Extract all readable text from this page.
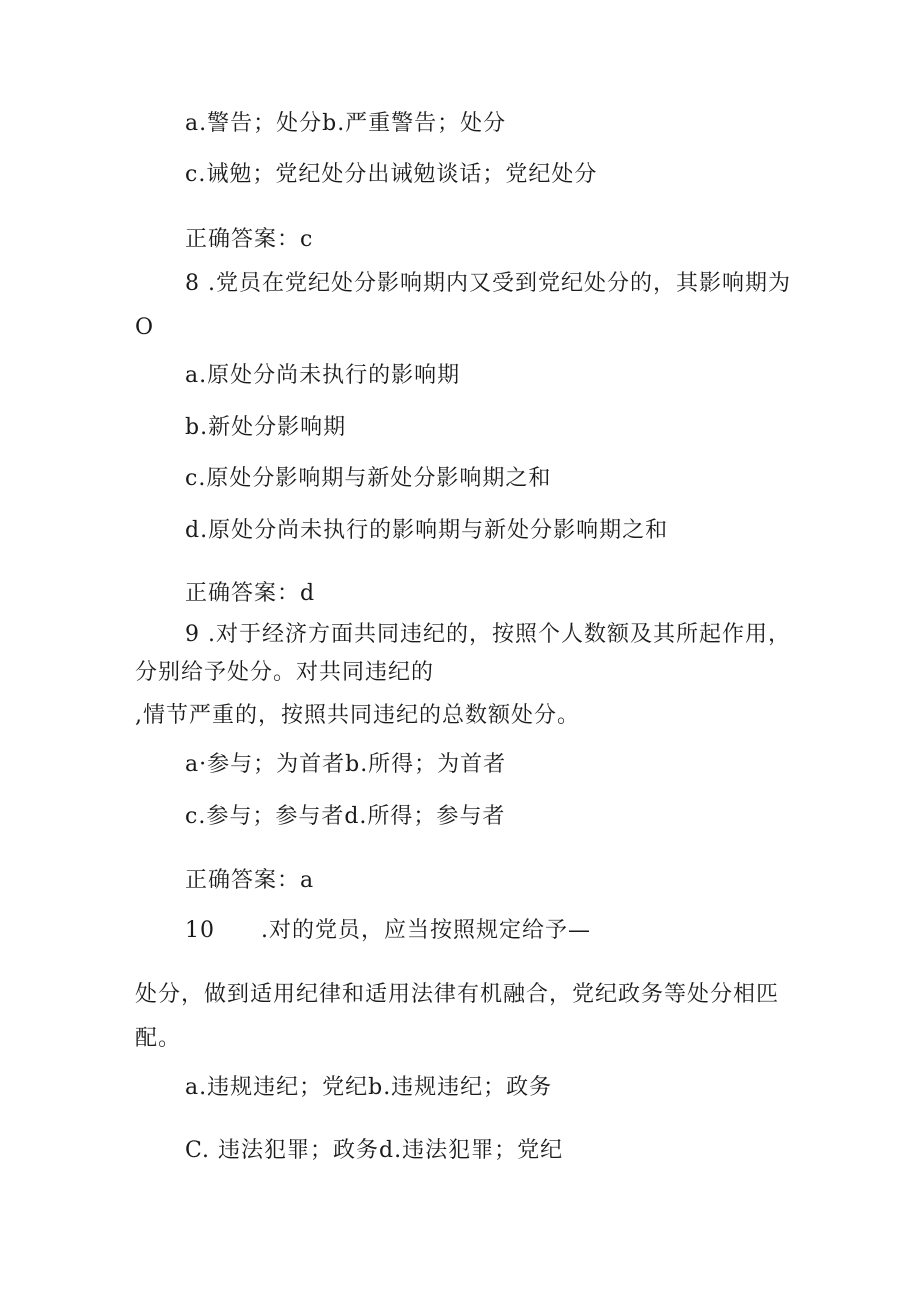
a.警告；处分b.严重警告；处分
c.诫勉；党纪处分出诫勉谈话；党纪处分
正确答案：c
8 .党员在党纪处分影响期内又受到党纪处分的，其影响期为
O
a.原处分尚未执行的影响期
b.新处分影响期
c.原处分影响期与新处分影响期之和
d.原处分尚未执行的影响期与新处分影响期之和
正确答案：d
9 .对于经济方面共同违纪的，按照个人数额及其所起作用，
分别给予处分。对共同违纪的
,情节严重的，按照共同违纪的总数额处分。
a·参与；为首者b.所得；为首者
c.参与；参与者d.所得；参与者
正确答案：a
10　　.对的党员，应当按照规定给予—
处分，做到适用纪律和适用法律有机融合，党纪政务等处分相匹
配。
a.违规违纪；党纪b.违规违纪；政务
C. 违法犯罪；政务d.违法犯罪；党纪
